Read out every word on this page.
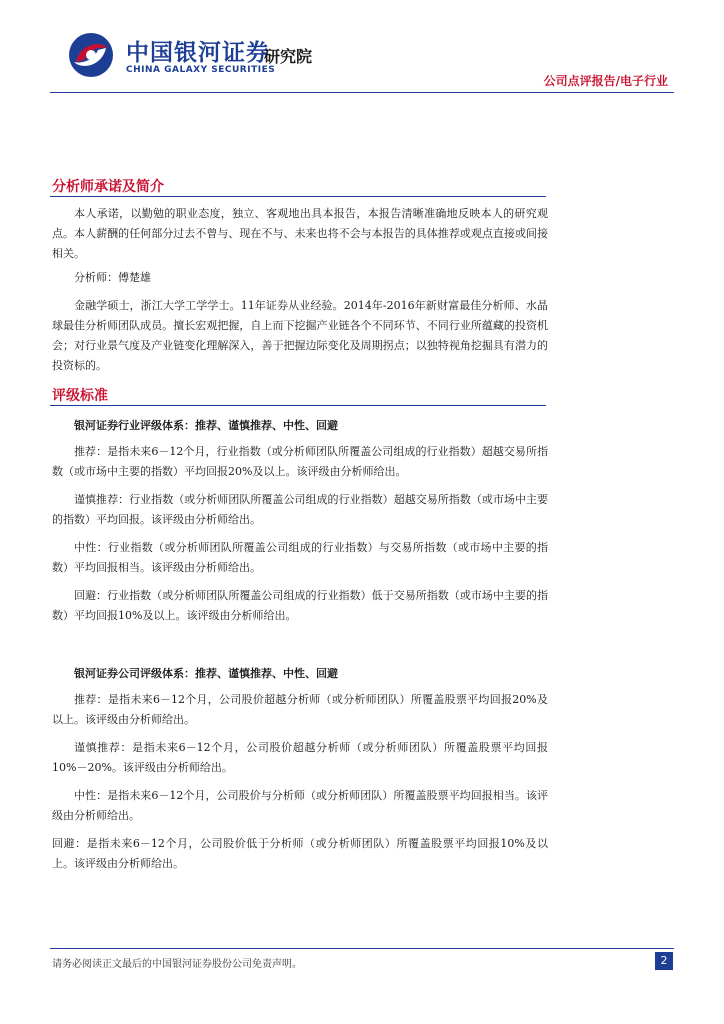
中国银河证券
CHINA GALAXY SECURITIES
研究院
公司点评报告/电子行业
分析师承诺及简介

本人承诺，以勤勉的职业态度，独立、客观地出具本报告，本报告清晰准确地反映本人的研究观点。本人薪酬的任何部分过去不曾与、现在不与、未来也将不会与本报告的具体推荐或观点直接或间接相关。

分析师：傅楚雄

金融学硕士，浙江大学工学学士。11年证券从业经验。2014年-2016年新财富最佳分析师、水晶球最佳分析师团队成员。擅长宏观把握，自上而下挖掘产业链各个不同环节、不同行业所蕴藏的投资机会；对行业景气度及产业链变化理解深入，善于把握边际变化及周期拐点；以独特视角挖掘具有潜力的投资标的。

评级标准
银河证券行业评级体系：推荐、谨慎推荐、中性、回避

推荐：是指未来6－12个月，行业指数（或分析师团队所覆盖公司组成的行业指数）超越交易所指数（或市场中主要的指数）平均回报20%及以上。该评级由分析师给出。

谨慎推荐：行业指数（或分析师团队所覆盖公司组成的行业指数）超越交易所指数（或市场中主要的指数）平均回报。该评级由分析师给出。

中性：行业指数（或分析师团队所覆盖公司组成的行业指数）与交易所指数（或市场中主要的指数）平均回报相当。该评级由分析师给出。

回避：行业指数（或分析师团队所覆盖公司组成的行业指数）低于交易所指数（或市场中主要的指数）平均回报10%及以上。该评级由分析师给出。

银河证券公司评级体系：推荐、谨慎推荐、中性、回避

推荐：是指未来6－12个月，公司股价超越分析师（或分析师团队）所覆盖股票平均回报20%及以上。该评级由分析师给出。

谨慎推荐：是指未来6－12个月，公司股价超越分析师（或分析师团队）所覆盖股票平均回报10%－20%。该评级由分析师给出。

中性：是指未来6－12个月，公司股价与分析师（或分析师团队）所覆盖股票平均回报相当。该评级由分析师给出。

回避：是指未来6－12个月，公司股价低于分析师（或分析师团队）所覆盖股票平均回报10%及以上。该评级由分析师给出。

请务必阅读正文最后的中国银河证券股份公司免责声明。	2
